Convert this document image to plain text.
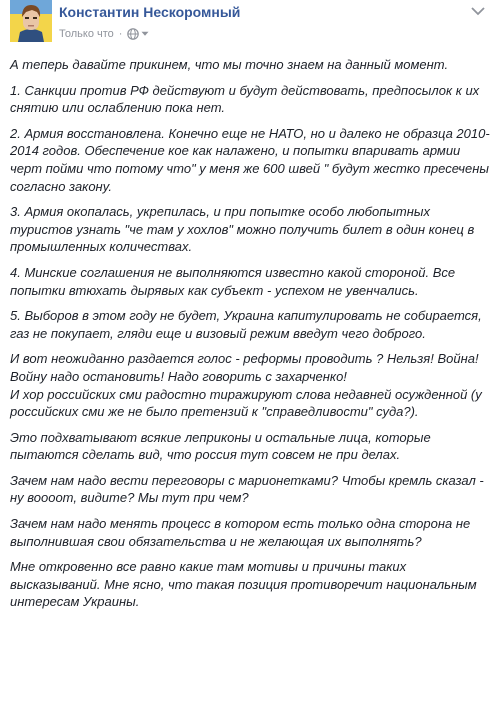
Константин Нескоромный
Только что ·

А теперь давайте прикинем, что мы точно знаем на данный момент.

1. Санкции против РФ действуют и будут действовать, предпосылок к их снятию или ослаблению пока нет.

2. Армия восстановлена. Конечно еще не НАТО, но и далеко не образца 2010-2014 годов. Обеспечение кое как налажено, и попытки впаривать армии черт пойми что потому что" у меня же 600 швей " будут жестко пресечены согласно закону.

3. Армия окопалась, укрепилась, и при попытке особо любопытных туристов узнать "че там у хохлов" можно получить билет в один конец в промышленных количествах.

4. Минские соглашения не выполняются известно какой стороной. Все попытки втюхать дырявых как субъект - успехом не увенчались.

5. Выборов в этом году не будет, Украина капитулировать не собирается, газ не покупает, гляди еще и визовый режим введут чего доброго.

И вот неожиданно раздается голос - реформы проводить ? Нельзя! Война! Войну надо остановить! Надо говорить с захарченко!
И хор российских сми радостно тиражируют слова недавней осужденной (у российских сми же не было претензий к "справедливости" суда?).

Это подхватывают всякие леприконы и остальные лица, которые пытаются сделать вид, что россия тут совсем не при делах.

Зачем нам надо вести переговоры с марионетками? Чтобы кремль сказал - ну воооот, видите? Мы тут при чем?

Зачем нам надо менять процесс в котором есть только одна сторона не выполнившая свои обязательства и не желающая их выполнять?

Мне откровенно все равно какие там мотивы и причины таких высказываний. Мне ясно, что такая позиция противоречит национальным интересам Украины.
